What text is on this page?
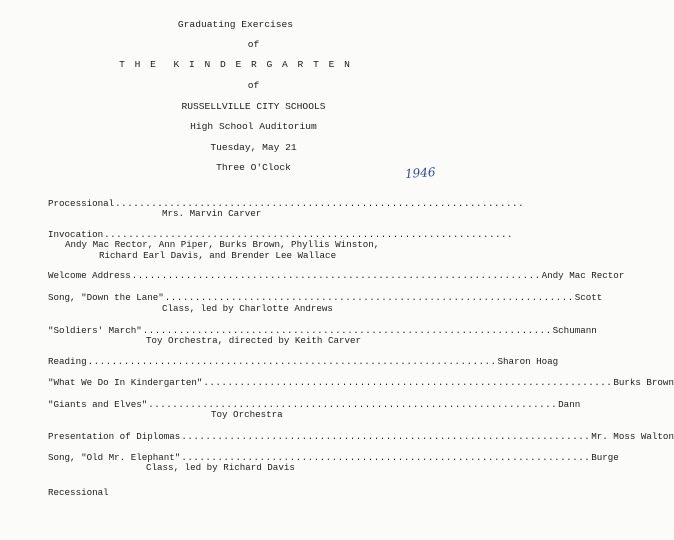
Graduating Exercises
of
T H E  K I N D E R G A R T E N
of
RUSSELLVILLE CITY SCHOOLS
High School Auditorium
Tuesday, May 21
Three O'Clock	1946
Processional ....................................................................
Mrs. Marvin Carver
Invocation ....................................................................
Andy Mac Rector, Ann Piper, Burks Brown, Phyllis Winston,
Richard Earl Davis, and Brender Lee Wallace
Welcome Address .................................................................... Andy Mac Rector
Song, "Down the Lane" .................................................................... Scott
Class, led by Charlotte Andrews
"Soldiers' March" .................................................................... Schumann
Toy Orchestra, directed by Keith Carver
Reading .................................................................... Sharon Hoag
"What We Do In Kindergarten" .................................................................... Burks Brown
"Giants and Elves" .................................................................... Dann
Toy Orchestra
Presentation of Diplomas .................................................................... Mr. Moss Walton
Song, "Old Mr. Elephant" .................................................................... Burge
Class, led by Richard Davis
Recessional
